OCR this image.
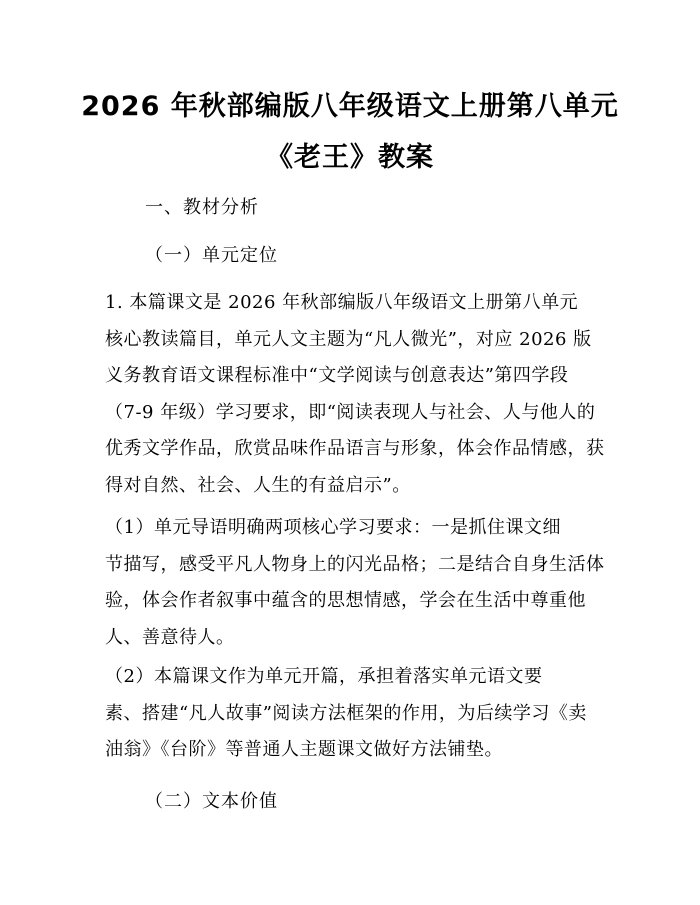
2026 年秋部编版八年级语文上册第八单元
《老王》教案
一、教材分析
（一）单元定位
1. 本篇课文是 2026 年秋部编版八年级语文上册第八单元
核心教读篇目，单元人文主题为“凡人微光”，对应 2026 版
义务教育语文课程标准中“文学阅读与创意表达”第四学段
（7-9 年级）学习要求，即“阅读表现人与社会、人与他人的
优秀文学作品，欣赏品味作品语言与形象，体会作品情感，获
得对自然、社会、人生的有益启示”。
（1）单元导语明确两项核心学习要求：一是抓住课文细
节描写，感受平凡人物身上的闪光品格；二是结合自身生活体
验，体会作者叙事中蕴含的思想情感，学会在生活中尊重他
人、善意待人。
（2）本篇课文作为单元开篇，承担着落实单元语文要
素、搭建“凡人故事”阅读方法框架的作用，为后续学习《卖
油翁》《台阶》等普通人主题课文做好方法铺垫。
（二）文本价值
